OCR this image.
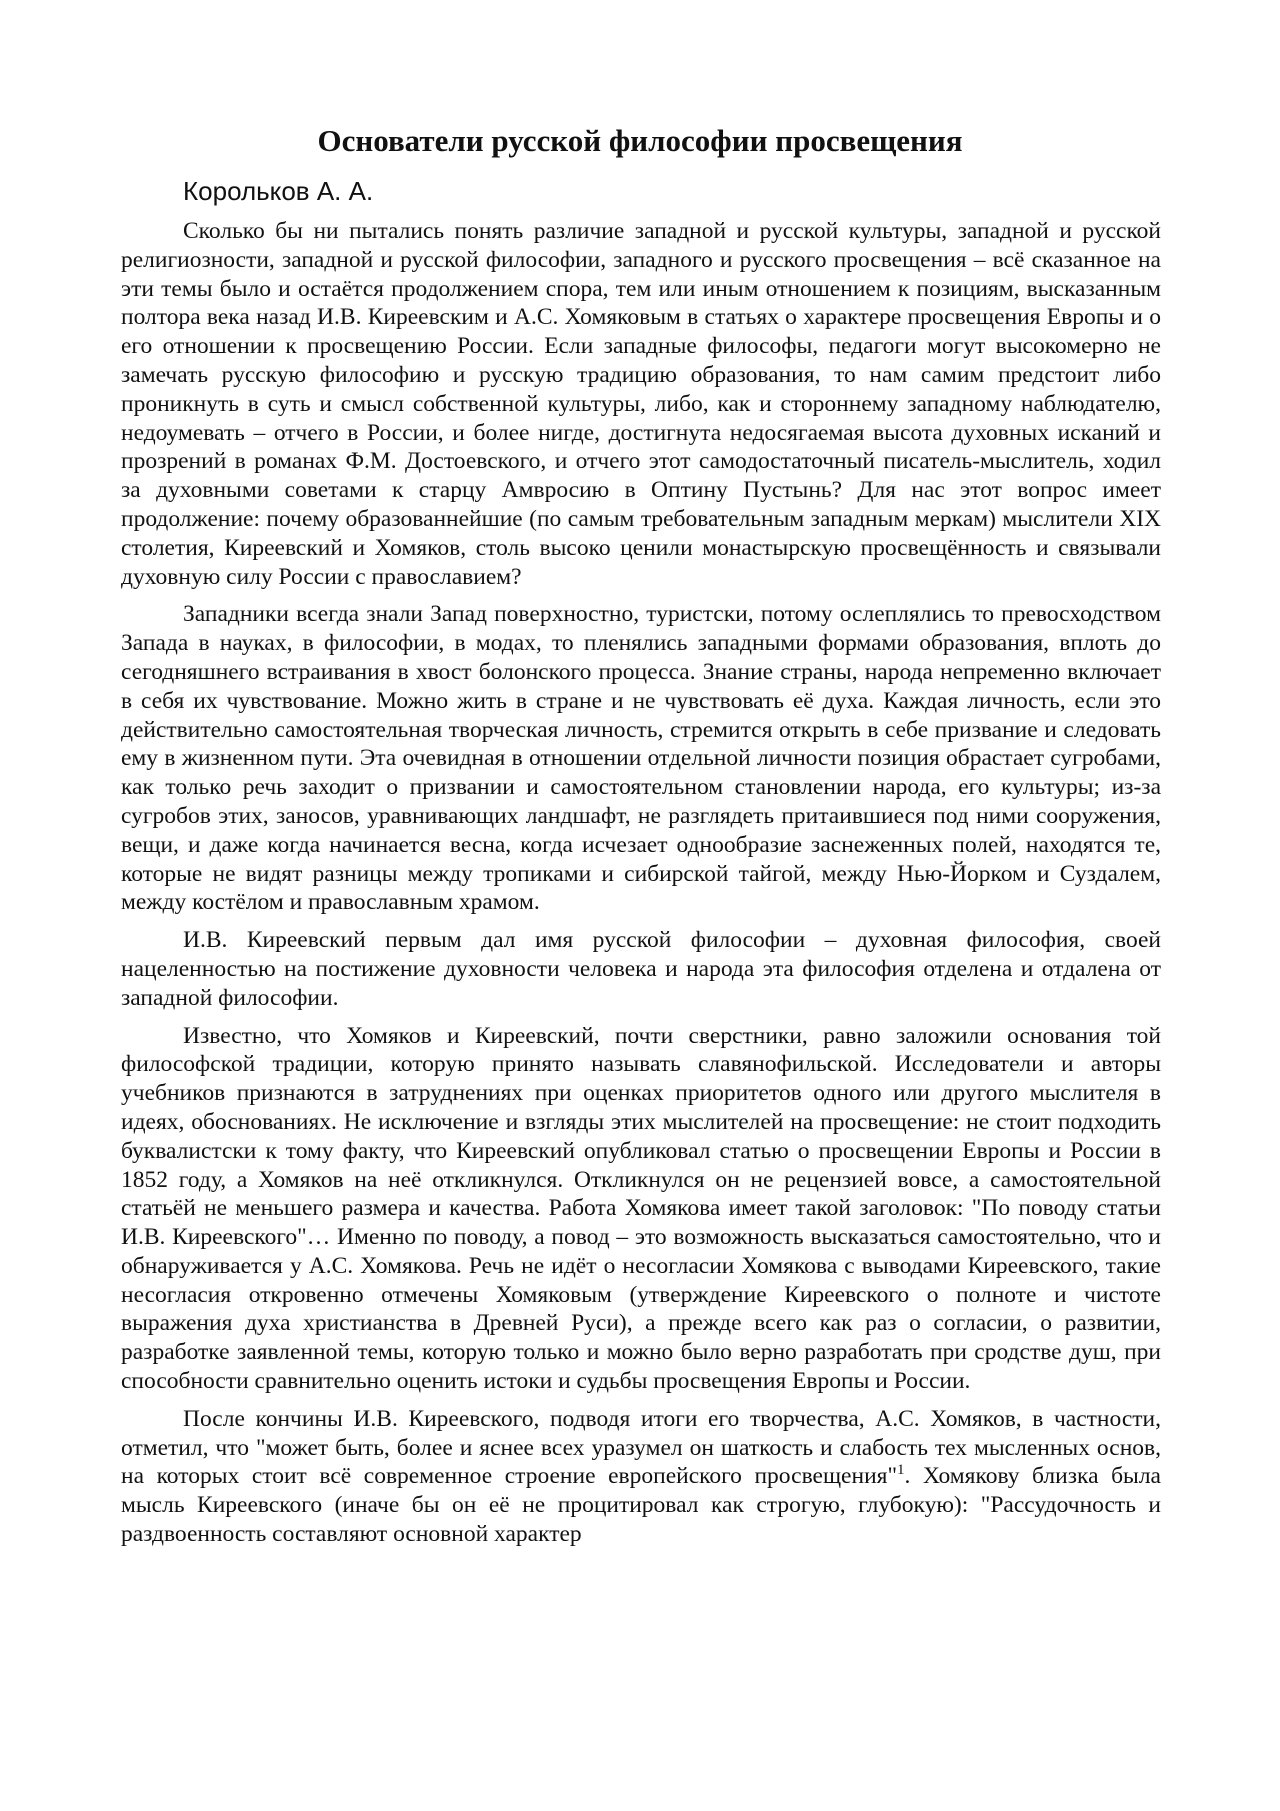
Основатели русской философии просвещения
Корольков А. А.

Сколько бы ни пытались понять различие западной и русской культуры, западной и русской религиозности, западной и русской философии, западного и русского просвещения – всё сказанное на эти темы было и остаётся продолжением спора, тем или иным отношением к позициям, высказанным полтора века назад И.В. Киреевским и А.С. Хомяковым в статьях о характере просвещения Европы и о его отношении к просвещению России. Если западные философы, педагоги могут высокомерно не замечать русскую философию и русскую традицию образования, то нам самим предстоит либо проникнуть в суть и смысл собственной культуры, либо, как и стороннему западному наблюдателю, недоумевать – отчего в России, и более нигде, достигнута недосягаемая высота духовных исканий и прозрений в романах Ф.М. Достоевского, и отчего этот самодостаточный писатель-мыслитель, ходил за духовными советами к старцу Амвросию в Оптину Пустынь? Для нас этот вопрос имеет продолжение: почему образованнейшие (по самым требовательным западным меркам) мыслители XIX столетия, Киреевский и Хомяков, столь высоко ценили монастырскую просвещённость и связывали духовную силу России с православием?

Западники всегда знали Запад поверхностно, туристски, потому ослеплялись то превосходством Запада в науках, в философии, в модах, то пленялись западными формами образования, вплоть до сегодняшнего встраивания в хвост болонского процесса. Знание страны, народа непременно включает в себя их чувствование. Можно жить в стране и не чувствовать её духа. Каждая личность, если это действительно самостоятельная творческая личность, стремится открыть в себе призвание и следовать ему в жизненном пути. Эта очевидная в отношении отдельной личности позиция обрастает сугробами, как только речь заходит о призвании и самостоятельном становлении народа, его культуры; из-за сугробов этих, заносов, уравнивающих ландшафт, не разглядеть притаившиеся под ними сооружения, вещи, и даже когда начинается весна, когда исчезает однообразие заснеженных полей, находятся те, которые не видят разницы между тропиками и сибирской тайгой, между Нью-Йорком и Суздалем, между костёлом и православным храмом.

И.В. Киреевский первым дал имя русской философии – духовная философия, своей нацеленностью на постижение духовности человека и народа эта философия отделена и отдалена от западной философии.

Известно, что Хомяков и Киреевский, почти сверстники, равно заложили основания той философской традиции, которую принято называть славянофильской. Исследователи и авторы учебников признаются в затруднениях при оценках приоритетов одного или другого мыслителя в идеях, обоснованиях. Не исключение и взгляды этих мыслителей на просвещение: не стоит подходить буквалистски к тому факту, что Киреевский опубликовал статью о просвещении Европы и России в 1852 году, а Хомяков на неё откликнулся. Откликнулся он не рецензией вовсе, а самостоятельной статьёй не меньшего размера и качества. Работа Хомякова имеет такой заголовок: "По поводу статьи И.В. Киреевского"… Именно по поводу, а повод – это возможность высказаться самостоятельно, что и обнаруживается у А.С. Хомякова. Речь не идёт о несогласии Хомякова с выводами Киреевского, такие несогласия откровенно отмечены Хомяковым (утверждение Киреевского о полноте и чистоте выражения духа христианства в Древней Руси), а прежде всего как раз о согласии, о развитии, разработке заявленной темы, которую только и можно было верно разработать при сродстве душ, при способности сравнительно оценить истоки и судьбы просвещения Европы и России.

После кончины И.В. Киреевского, подводя итоги его творчества, А.С. Хомяков, в частности, отметил, что "может быть, более и яснее всех уразумел он шаткость и слабость тех мысленных основ, на которых стоит всё современное строение европейского просвещения"$^1$. Хомякову близка была мысль Киреевского (иначе бы он её не процитировал как строгую, глубокую): "Рассудочность и раздвоенность составляют основной характер
